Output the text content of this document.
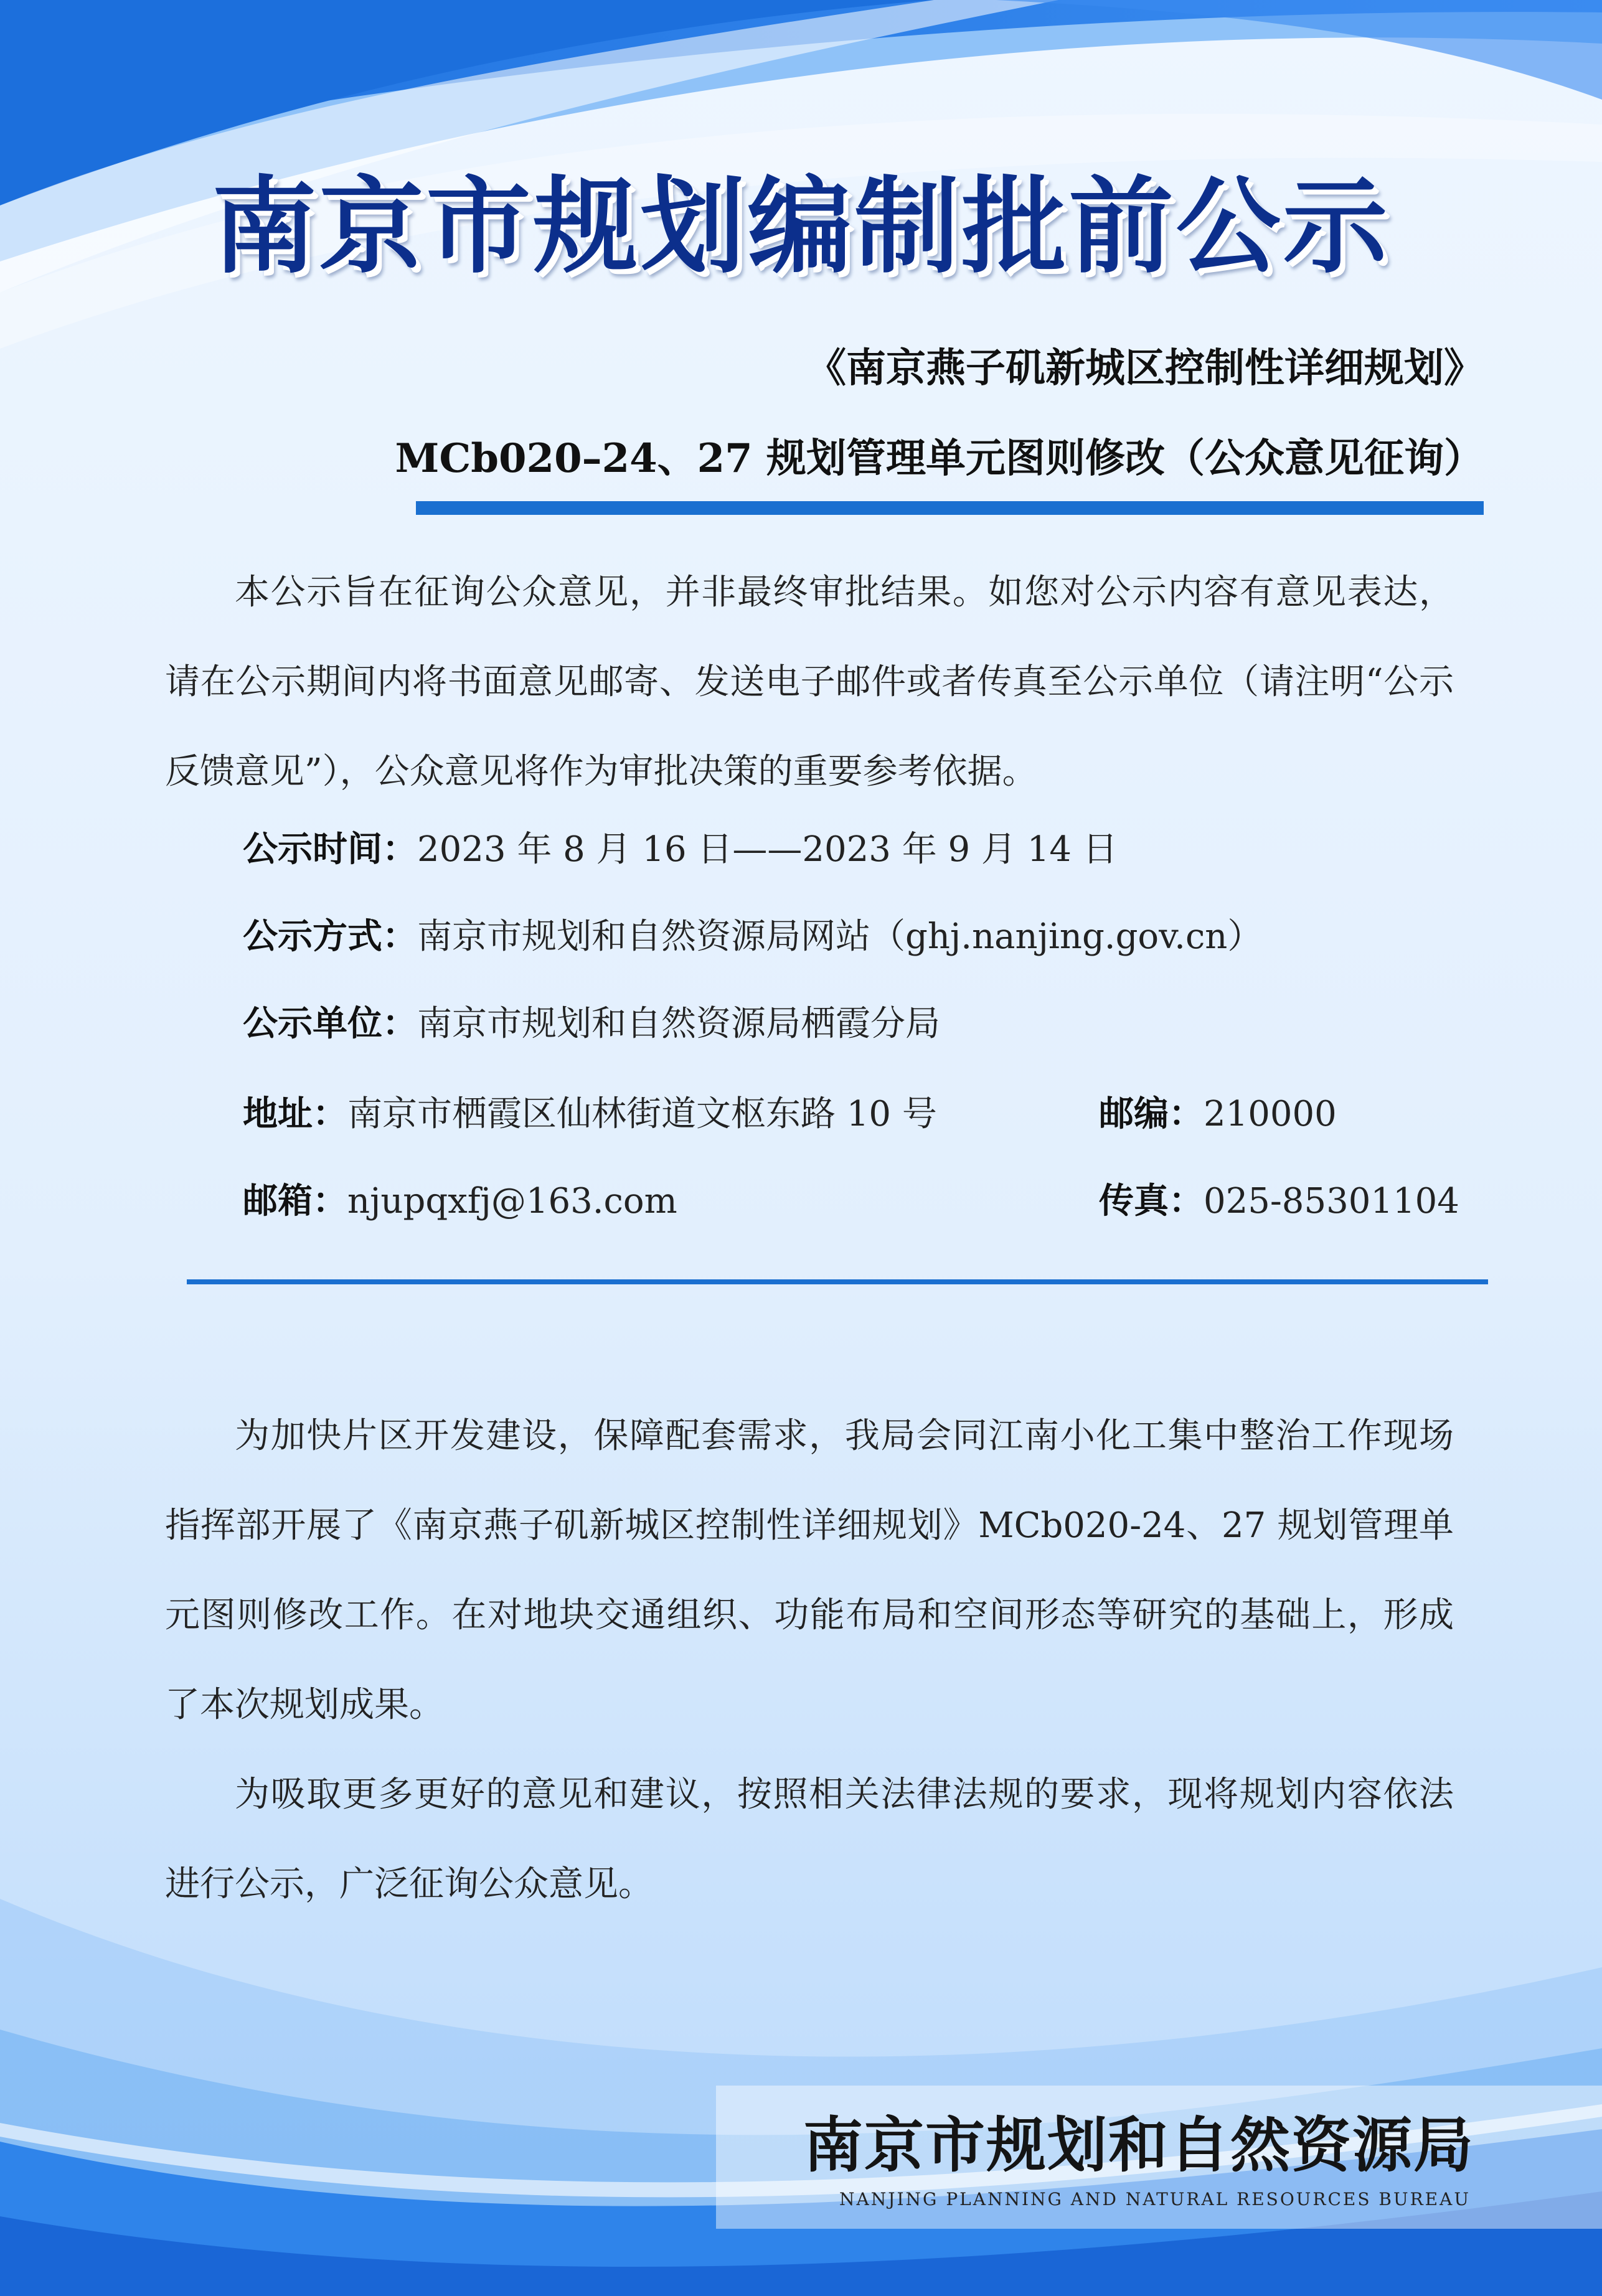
南京市规划编制批前公示
《南京燕子矶新城区控制性详细规划》
MCb020–24、27 规划管理单元图则修改（公众意见征询）

本公示旨在征询公众意见，并非最终审批结果。如您对公示内容有意见表达，请在公示期间内将书面意见邮寄、发送电子邮件或者传真至公示单位（请注明“公示反馈意见”），公众意见将作为审批决策的重要参考依据。

公示时间：2023 年 8 月 16 日——2023 年 9 月 14 日
公示方式：南京市规划和自然资源局网站（ghj.nanjing.gov.cn）
公示单位：南京市规划和自然资源局栖霞分局
地址：南京市栖霞区仙林街道文枢东路 10 号	邮编：210000
邮箱：njupqxfj@163.com	传真：025-85301104

为加快片区开发建设，保障配套需求，我局会同江南小化工集中整治工作现场指挥部开展了《南京燕子矶新城区控制性详细规划》MCb020-24、27 规划管理单元图则修改工作。在对地块交通组织、功能布局和空间形态等研究的基础上，形成了本次规划成果。

为吸取更多更好的意见和建议，按照相关法律法规的要求，现将规划内容依法进行公示，广泛征询公众意见。

南京市规划和自然资源局
NANJING PLANNING AND NATURAL RESOURCES BUREAU
